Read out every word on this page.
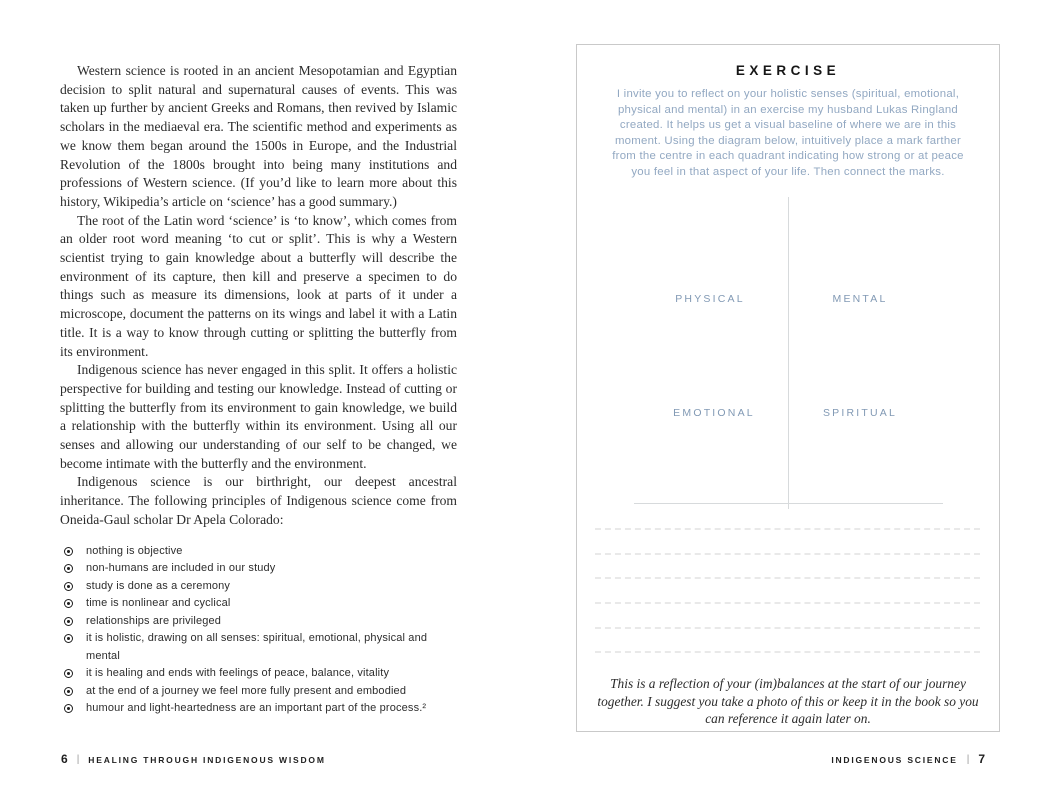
Western science is rooted in an ancient Mesopotamian and Egyptian decision to split natural and supernatural causes of events. This was taken up further by ancient Greeks and Romans, then revived by Islamic scholars in the mediaeval era. The scientific method and experiments as we know them began around the 1500s in Europe, and the Industrial Revolution of the 1800s brought into being many institutions and professions of Western science. (If you’d like to learn more about this history, Wikipedia’s article on ‘science’ has a good summary.)

The root of the Latin word ‘science’ is ‘to know’, which comes from an older root word meaning ‘to cut or split’. This is why a Western scientist trying to gain knowledge about a butterfly will describe the environment of its capture, then kill and preserve a specimen to do things such as measure its dimensions, look at parts of it under a microscope, document the patterns on its wings and label it with a Latin title. It is a way to know through cutting or splitting the butterfly from its environment.

Indigenous science has never engaged in this split. It offers a holistic perspective for building and testing our knowledge. Instead of cutting or splitting the butterfly from its environment to gain knowledge, we build a relationship with the butterfly within its environment. Using all our senses and allowing our understanding of our self to be changed, we become intimate with the butterfly and the environment.

Indigenous science is our birthright, our deepest ancestral inheritance. The following principles of Indigenous science come from Oneida-Gaul scholar Dr Apela Colorado:

nothing is objective
non-humans are included in our study
study is done as a ceremony
time is nonlinear and cyclical
relationships are privileged
it is holistic, drawing on all senses: spiritual, emotional, physical and mental
it is healing and ends with feelings of peace, balance, vitality
at the end of a journey we feel more fully present and embodied
humour and light-heartedness are an important part of the process.²
6 | HEALING THROUGH INDIGENOUS WISDOM
EXERCISE

I invite you to reflect on your holistic senses (spiritual, emotional, physical and mental) in an exercise my husband Lukas Ringland created. It helps us get a visual baseline of where we are in this moment. Using the diagram below, intuitively place a mark farther from the centre in each quadrant indicating how strong or at peace you feel in that aspect of your life. Then connect the marks.

PHYSICAL	MENTAL
EMOTIONAL	SPIRITUAL

This is a reflection of your (im)balances at the start of our journey together. I suggest you take a photo of this or keep it in the book so you can reference it again later on.

INDIGENOUS SCIENCE | 7
